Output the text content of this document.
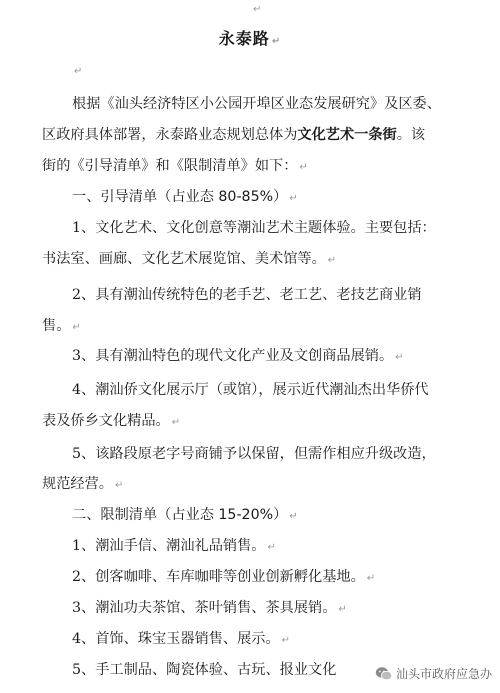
↵
永泰路 ↵
↵
根据《汕头经济特区小公园开埠区业态发展研究》及区委、
区政府具体部署，永泰路业态规划总体为文化艺术一条街。该
街的《引导清单》和《限制清单》如下： ↵
一、引导清单（占业态 80-85%） ↵
1、文化艺术、文化创意等潮汕艺术主题体验。主要包括：
书法室、画廊、文化艺术展览馆、美术馆等。 ↵
2、具有潮汕传统特色的老手艺、老工艺、老技艺商业销
售。 ↵
3、具有潮汕特色的现代文化产业及文创商品展销。 ↵
4、潮汕侨文化展示厅（或馆），展示近代潮汕杰出华侨代
表及侨乡文化精品。 ↵
5、该路段原老字号商铺予以保留，但需作相应升级改造，
规范经营。 ↵
二、限制清单（占业态 15-20%） ↵
1、潮汕手信、潮汕礼品销售。 ↵
2、创客咖啡、车库咖啡等创业创新孵化基地。 ↵
3、潮汕功夫茶馆、茶叶销售、茶具展销。 ↵
4、首饰、珠宝玉器销售、展示。 ↵
5、手工制品、陶瓷体验、古玩、报业文化	汕头市政府应急办
